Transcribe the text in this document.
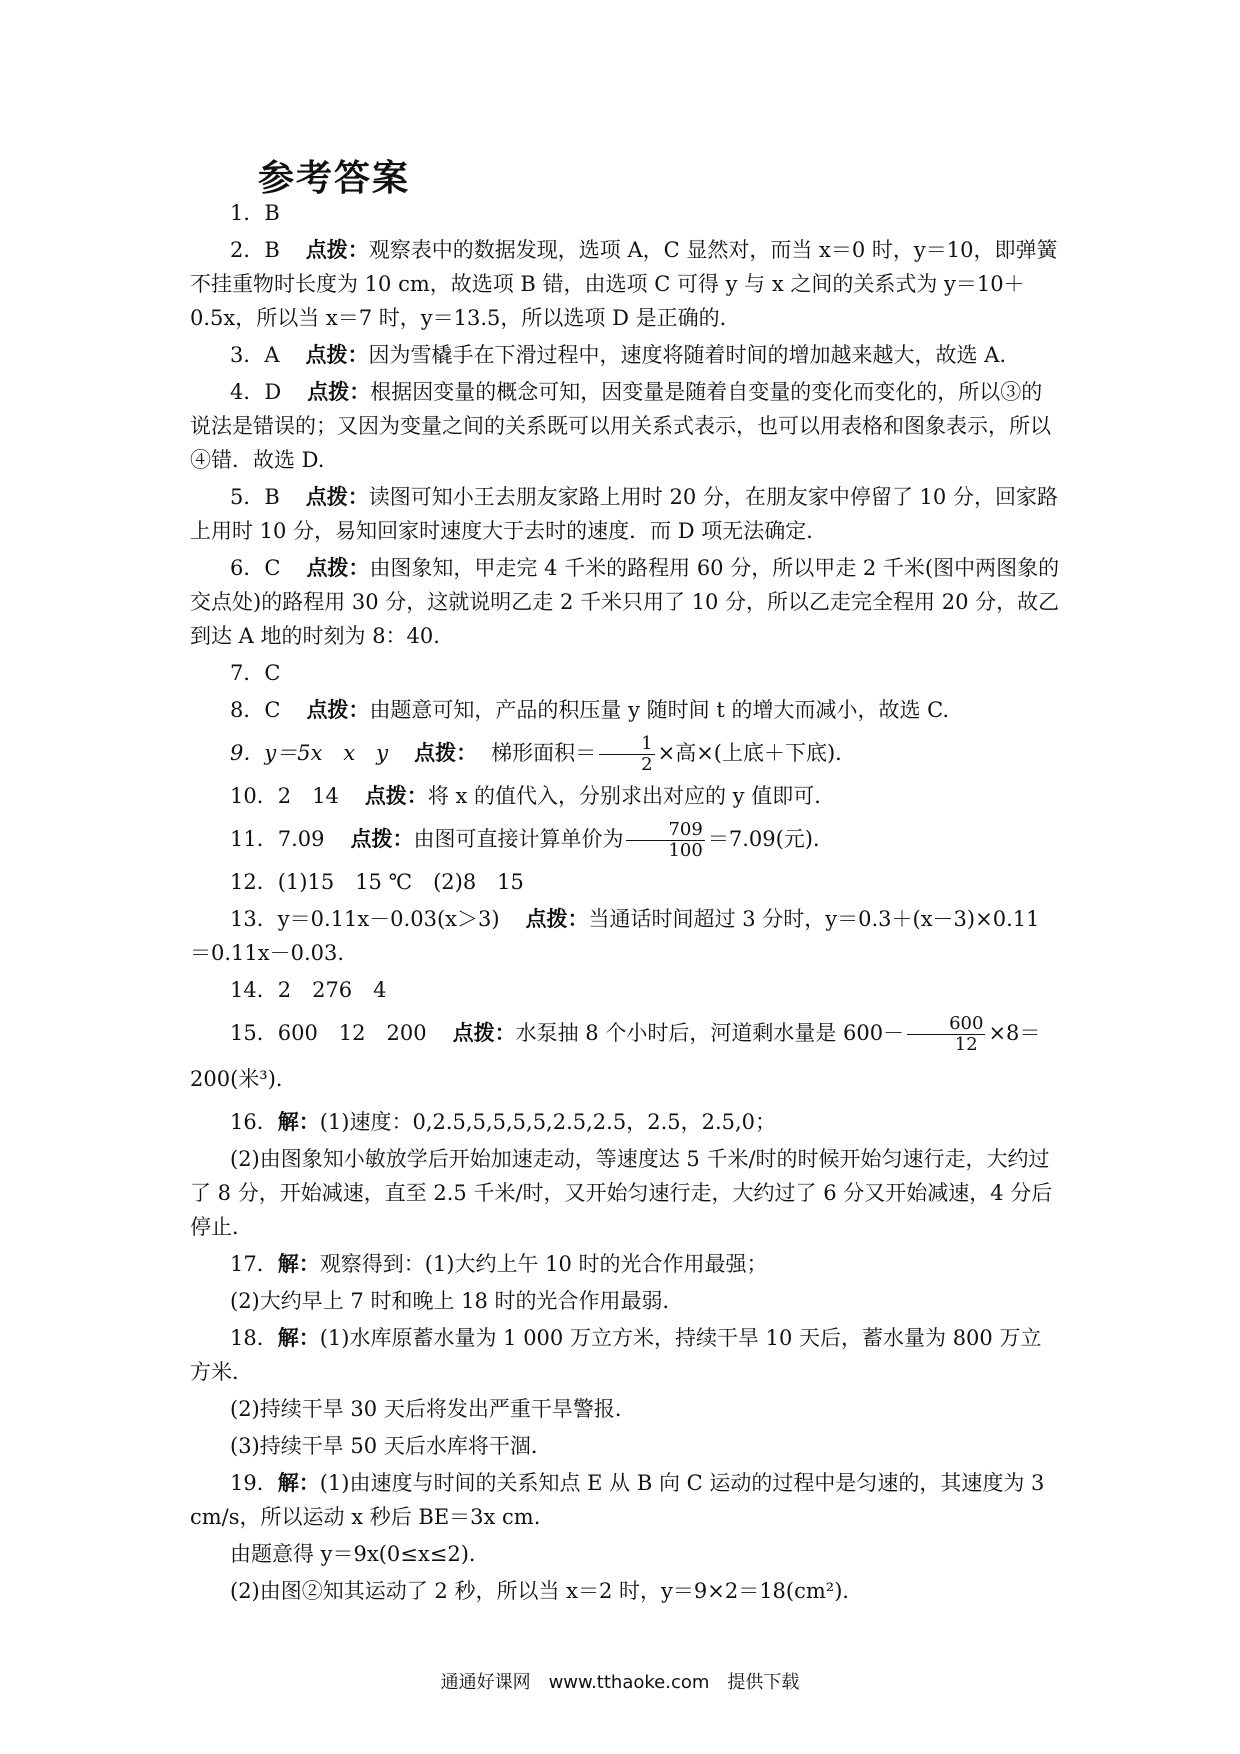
参考答案

1．B

2．B 点拨：观察表中的数据发现，选项 A，C 显然对，而当 x＝0 时，y＝10，即弹簧不挂重物时长度为 10 cm，故选项 B 错，由选项 C 可得 y 与 x 之间的关系式为 y＝10＋0.5x，所以当 x＝7 时，y＝13.5，所以选项 D 是正确的．

3．A 点拨：因为雪橇手在下滑过程中，速度将随着时间的增加越来越大，故选 A.

4．D 点拨：根据因变量的概念可知，因变量是随着自变量的变化而变化的，所以③的说法是错误的；又因为变量之间的关系既可以用关系式表示，也可以用表格和图象表示，所以④错．故选 D.

5．B 点拨：读图可知小王去朋友家路上用时 20 分，在朋友家中停留了 10 分，回家路上用时 10 分，易知回家时速度大于去时的速度．而 D 项无法确定．

6．C 点拨：由图象知，甲走完 4 千米的路程用 60 分，所以甲走 2 千米(图中两图象的交点处)的路程用 30 分，这就说明乙走 2 千米只用了 10 分，所以乙走完全程用 20 分，故乙到达 A 地的时刻为 8：40.

7．C

8．C 点拨：由题意可知，产品的积压量 y 随时间 t 的增大而减小，故选 C.

9．y＝5x　x　y 点拨： 梯形面积＝ $\frac{1}{2}$ ×高×(上底＋下底)．

10．2　14 点拨：将 x 的值代入，分别求出对应的 y 值即可．

11．7.09 点拨：由图可直接计算单价为 $\frac{709}{100} =7.09$(元)．

12．(1)15　15 ℃　(2)8　15

13．y＝0.11x－0.03(x＞3) 点拨：当通话时间超过 3 分时，y＝0.3＋(x－3)×0.11＝0.11x－0.03.

14．2　276　4

15．600　12　200 点拨：水泵抽 8 个小时后，河道剩水量是 $600- \frac{600}{12} \times 8=200$(米³)．

16．解：(1)速度：0,2.5,5,5,5,5,2.5,2.5，2.5，2.5,0；

(2)由图象知小敏放学后开始加速走动，等速度达 5 千米/时的时候开始匀速行走，大约过了 8 分，开始减速，直至 2.5 千米/时，又开始匀速行走，大约过了 6 分又开始减速，4 分后停止．

17．解：观察得到：(1)大约上午 10 时的光合作用最强；

(2)大约早上 7 时和晚上 18 时的光合作用最弱．

18．解：(1)水库原蓄水量为 1 000 万立方米，持续干旱 10 天后，蓄水量为 800 万立方米．

(2)持续干旱 30 天后将发出严重干旱警报．

(3)持续干旱 50 天后水库将干涸．

19．解：(1)由速度与时间的关系知点 E 从 B 向 C 运动的过程中是匀速的，其速度为 3 cm/s，所以运动 x 秒后 BE＝3x cm.

由题意得 y＝9x(0≤x≤2)．

(2)由图②知其运动了 2 秒，所以当 x＝2 时，y＝9×2＝18(cm²)．

通通好课网　www.tthaoke.com　提供下载
